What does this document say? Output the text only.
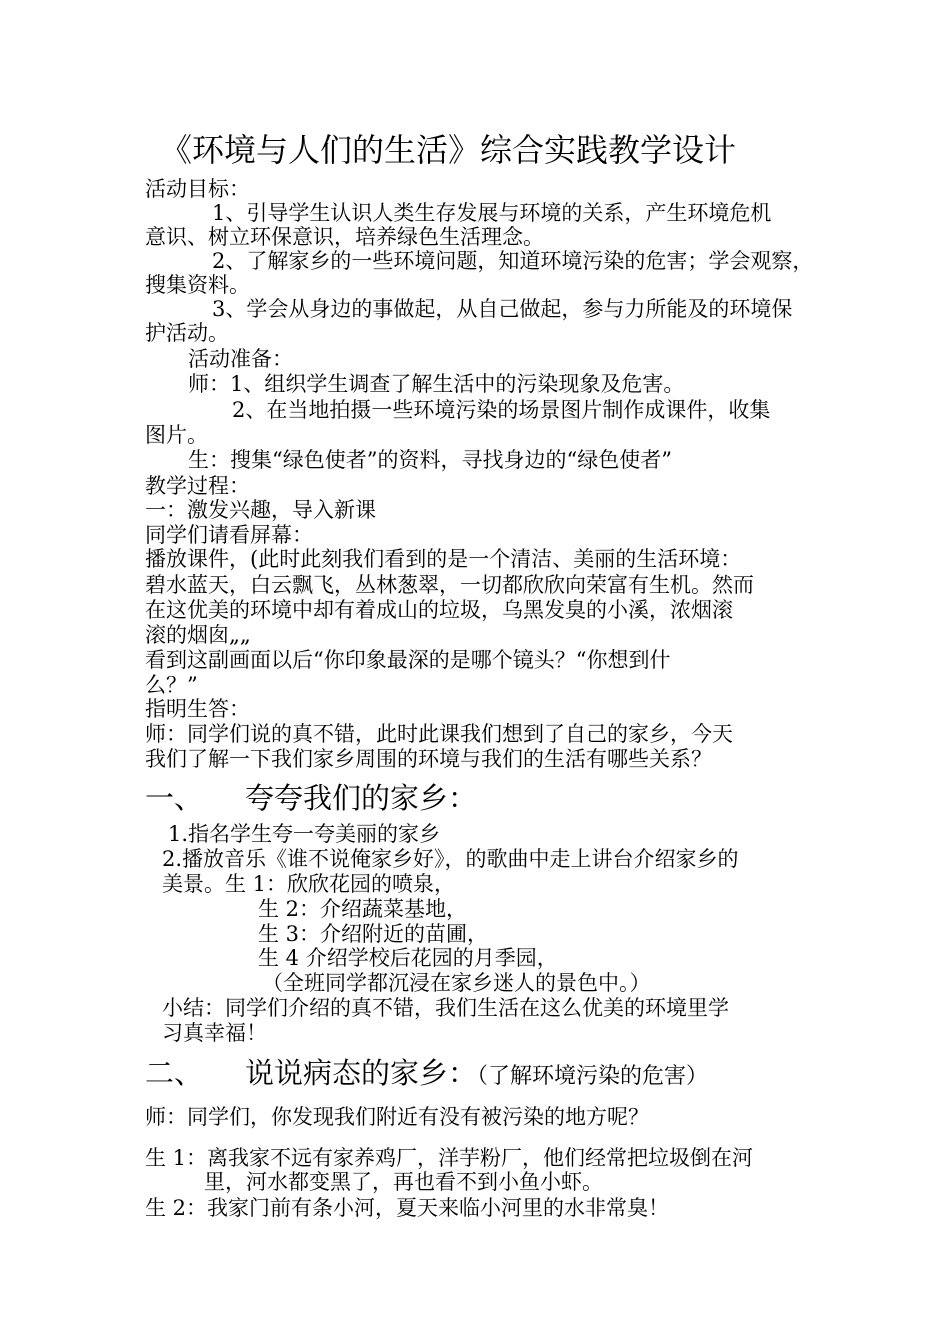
《环境与人们的生活》综合实践教学设计
活动目标：
1、引导学生认识人类生存发展与环境的关系，产生环境危机
意识、树立环保意识，培养绿色生活理念。
2、了解家乡的一些环境问题，知道环境污染的危害；学会观察，
搜集资料。
3、学会从身边的事做起，从自己做起，参与力所能及的环境保
护活动。
活动准备：
师：1、组织学生调查了解生活中的污染现象及危害。
2、在当地拍摄一些环境污染的场景图片制作成课件，收集
图片。
生：搜集“绿色使者”的资料，寻找身边的“绿色使者”
教学过程：
一：激发兴趣，导入新课
同学们请看屏幕：
播放课件，(此时此刻我们看到的是一个清洁、美丽的生活环境：
碧水蓝天，白云飘飞，丛林葱翠，一切都欣欣向荣富有生机。然而
在这优美的环境中却有着成山的垃圾，乌黑发臭的小溪，浓烟滚
滚的烟囱„„
看到这副画面以后“你印象最深的是哪个镜头？“你想到什
么？”
指明生答：
师：同学们说的真不错，此时此课我们想到了自己的家乡，今天
我们了解一下我们家乡周围的环境与我们的生活有哪些关系？
一、 夸夸我们的家乡：
1.指名学生夸一夸美丽的家乡
2.播放音乐《谁不说俺家乡好》，的歌曲中走上讲台介绍家乡的
美景。生 1：欣欣花园的喷泉，
生 2：介绍蔬菜基地，
生 3：介绍附近的苗圃，
生 4 介绍学校后花园的月季园，
（全班同学都沉浸在家乡迷人的景色中。）
小结：同学们介绍的真不错，我们生活在这么优美的环境里学
习真幸福！
二、 说说病态的家乡：（了解环境污染的危害）
师：同学们，你发现我们附近有没有被污染的地方呢？
生 1：离我家不远有家养鸡厂，洋芋粉厂，他们经常把垃圾倒在河
里，河水都变黑了，再也看不到小鱼小虾。
生 2：我家门前有条小河，夏天来临小河里的水非常臭！
